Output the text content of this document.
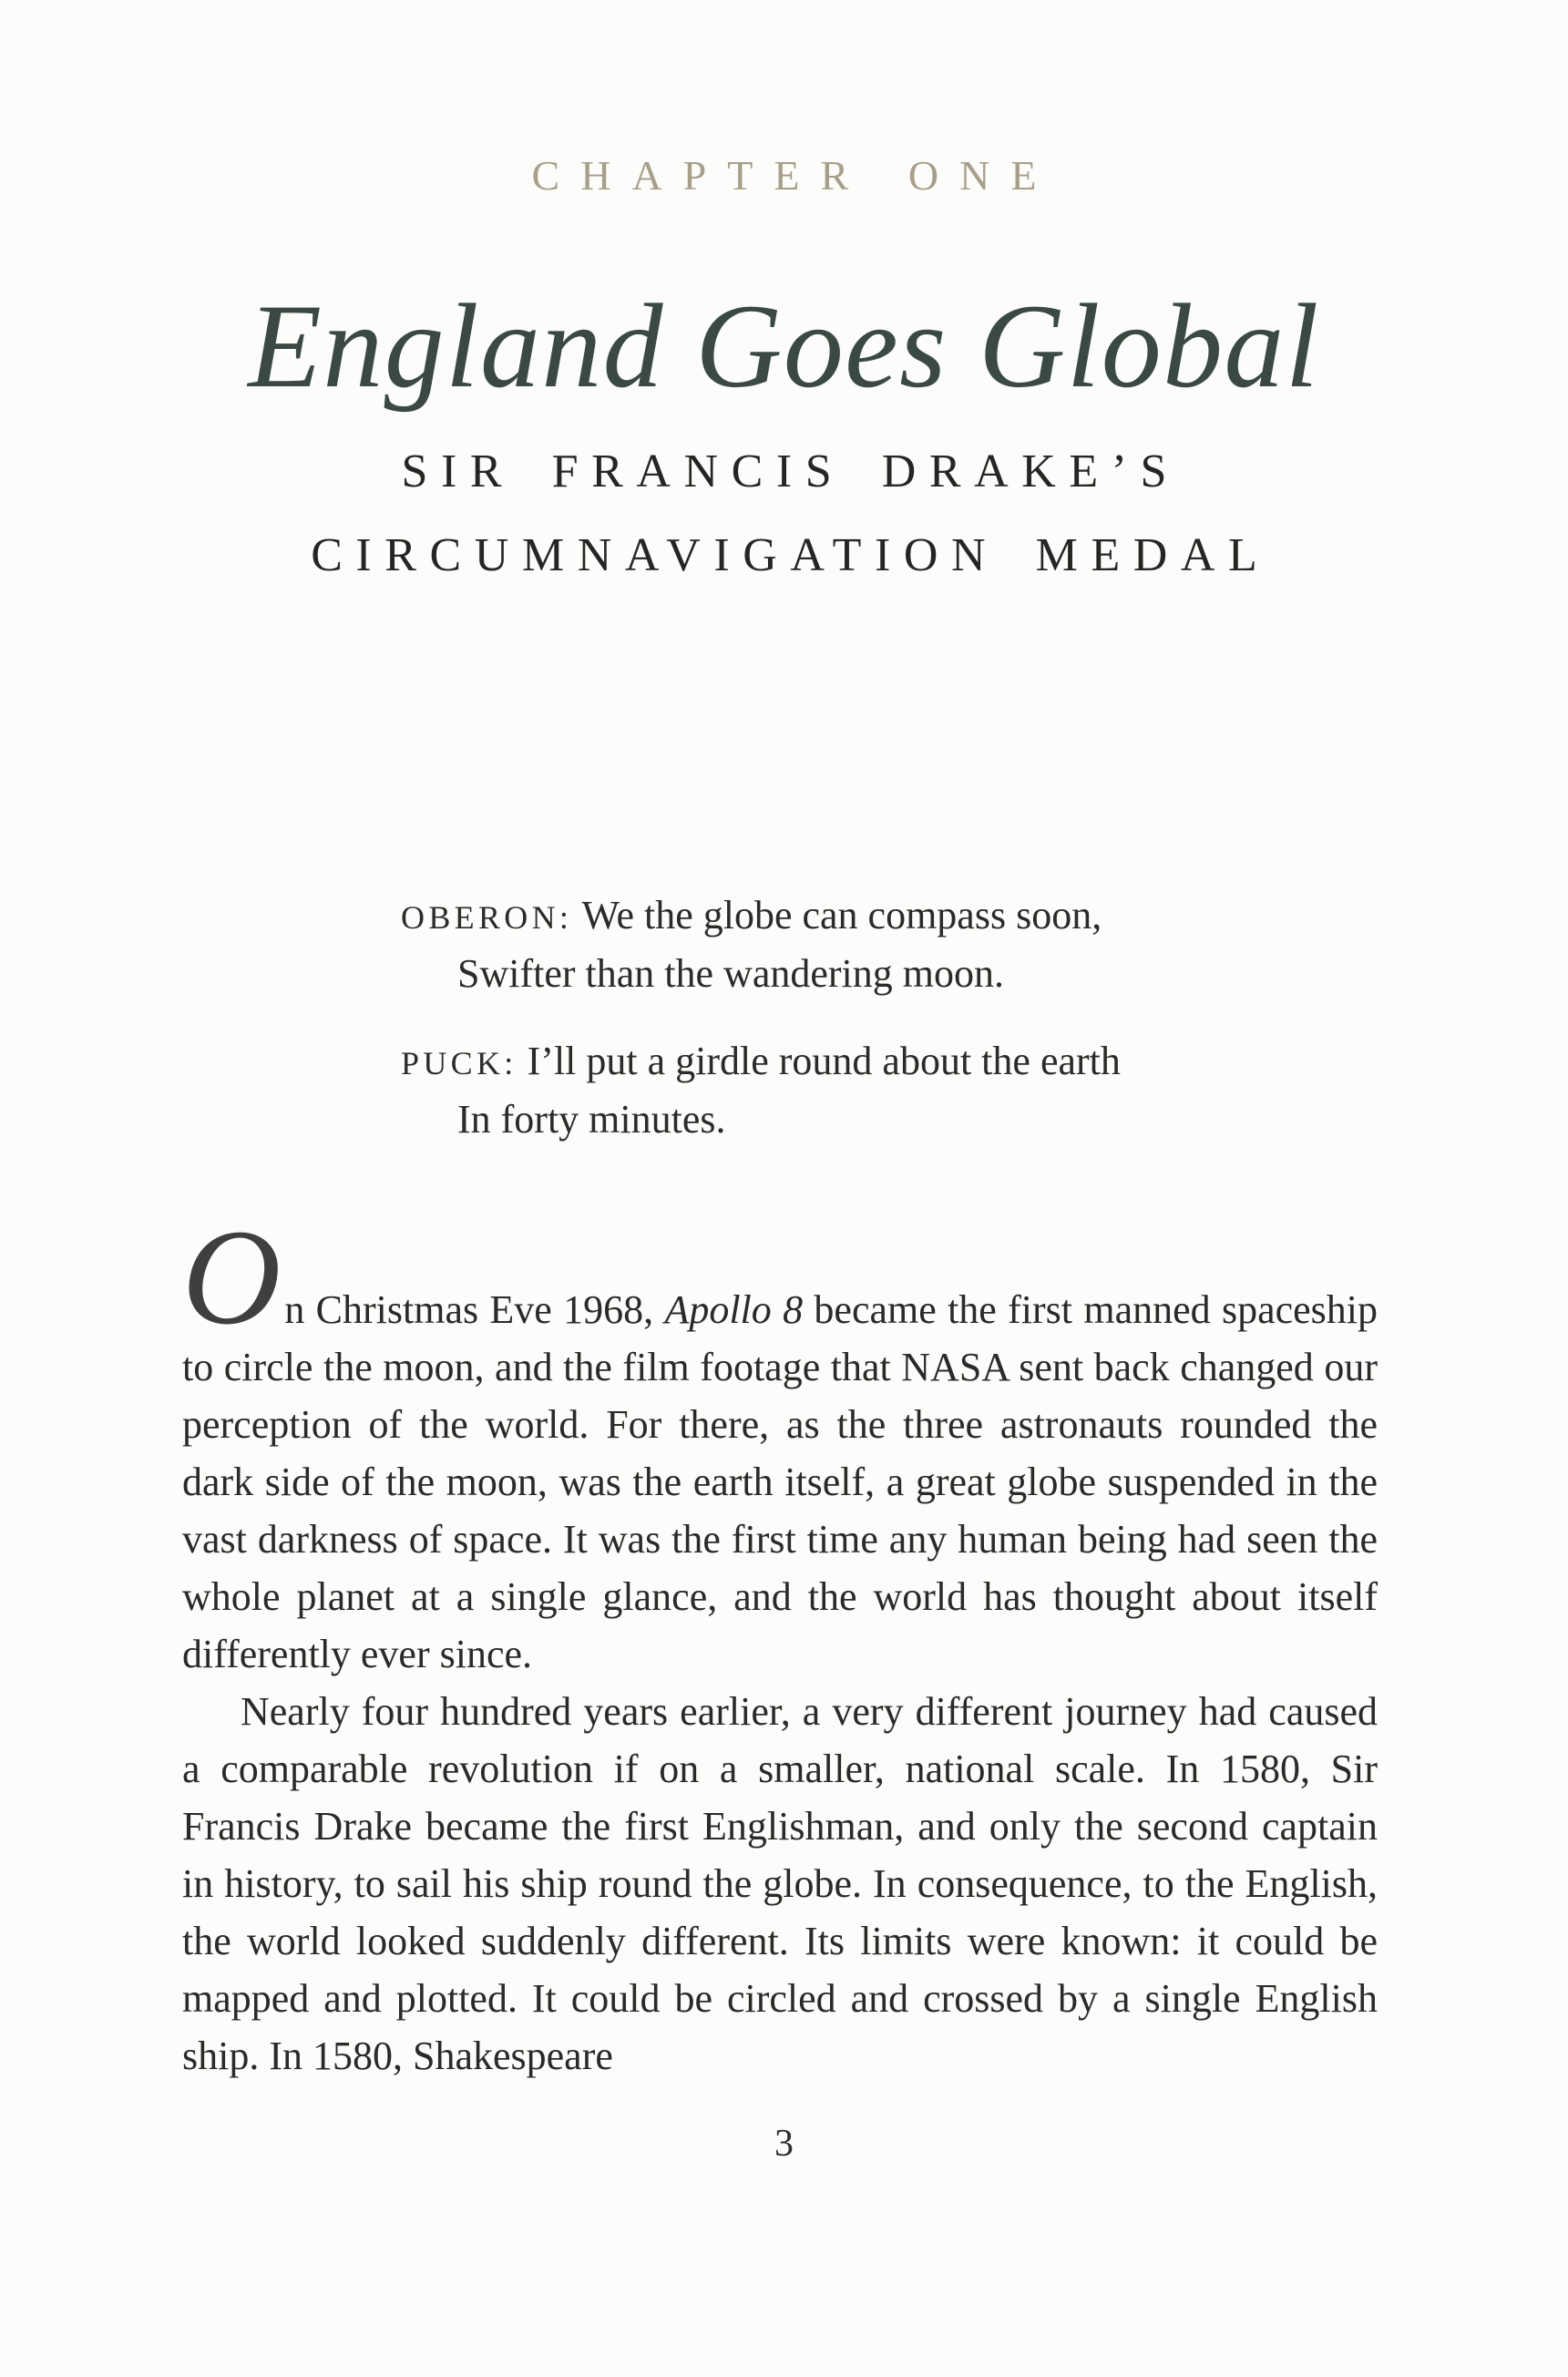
CHAPTER ONE
England Goes Global
SIR FRANCIS DRAKE’S
CIRCUMNAVIGATION MEDAL
OBERON: We the globe can compass soon,
Swifter than the wandering moon.
PUCK: I’ll put a girdle round about the earth
In forty minutes.

On Christmas Eve 1968, Apollo 8 became the first manned spaceship to circle the moon, and the film footage that NASA sent back changed our perception of the world. For there, as the three astronauts rounded the dark side of the moon, was the earth itself, a great globe suspended in the vast darkness of space. It was the first time any human being had seen the whole planet at a single glance, and the world has thought about itself differently ever since.

Nearly four hundred years earlier, a very different journey had caused a comparable revolution if on a smaller, national scale. In 1580, Sir Francis Drake became the first Englishman, and only the second captain in history, to sail his ship round the globe. In consequence, to the English, the world looked suddenly different. Its limits were known: it could be mapped and plotted. It could be circled and crossed by a single English ship. In 1580, Shakespeare

3
